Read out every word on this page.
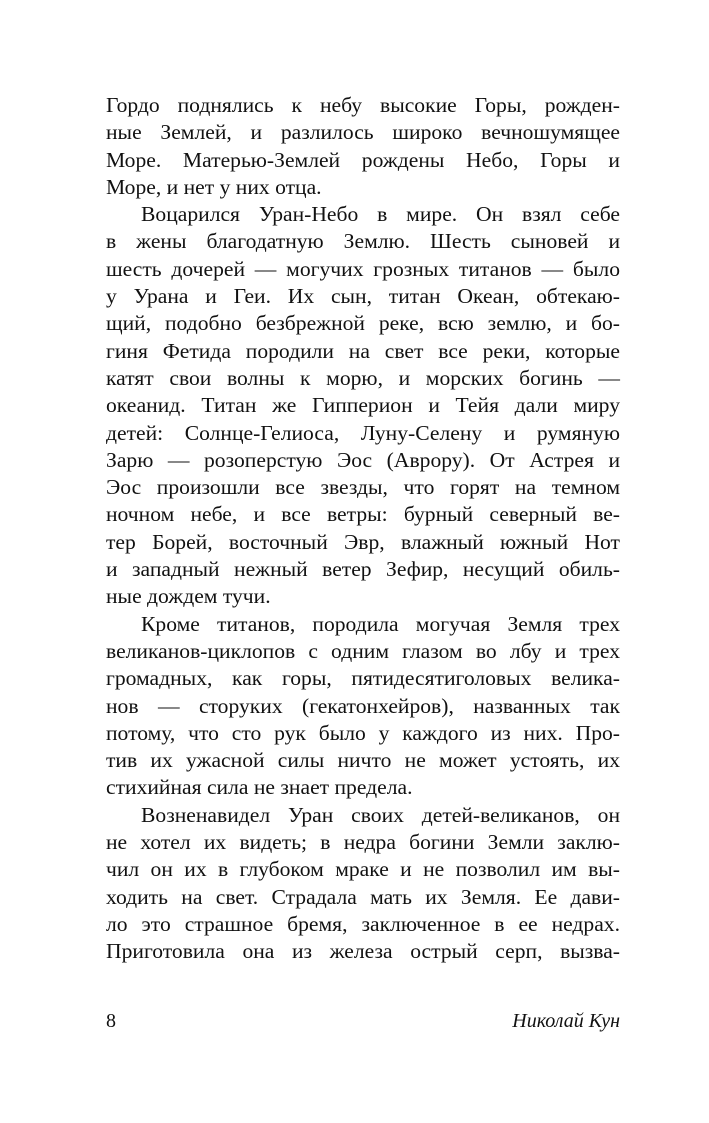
Гордо поднялись к небу высокие Горы, рожден-
ные Землей, и разлилось широко вечношумящее
Море. Матерью-Землей рождены Небо, Горы и
Море, и нет у них отца.
Воцарился Уран-Небо в мире. Он взял себе
в жены благодатную Землю. Шесть сыновей и
шесть дочерей — могучих грозных титанов — было
у Урана и Геи. Их сын, титан Океан, обтекаю-
щий, подобно безбрежной реке, всю землю, и бо-
гиня Фетида породили на свет все реки, которые
катят свои волны к морю, и морских богинь —
океанид. Титан же Гипперион и Тейя дали миру
детей: Солнце-Гелиоса, Луну-Селену и румяную
Зарю — розоперстую Эос (Аврору). От Астрея и
Эос произошли все звезды, что горят на темном
ночном небе, и все ветры: бурный северный ве-
тер Борей, восточный Эвр, влажный южный Нот
и западный нежный ветер Зефир, несущий обиль-
ные дождем тучи.
Кроме титанов, породила могучая Земля трех
великанов-циклопов с одним глазом во лбу и трех
громадных, как горы, пятидесятиголовых велика-
нов — сторуких (гекатонхейров), названных так
потому, что сто рук было у каждого из них. Про-
тив их ужасной силы ничто не может устоять, их
стихийная сила не знает предела.
Возненавидел Уран своих детей-великанов, он
не хотел их видеть; в недра богини Земли заклю-
чил он их в глубоком мраке и не позволил им вы-
ходить на свет. Страдала мать их Земля. Ее дави-
ло это страшное бремя, заключенное в ее недрах.
Приготовила она из железа острый серп, вызва-
8	Николай Кун
